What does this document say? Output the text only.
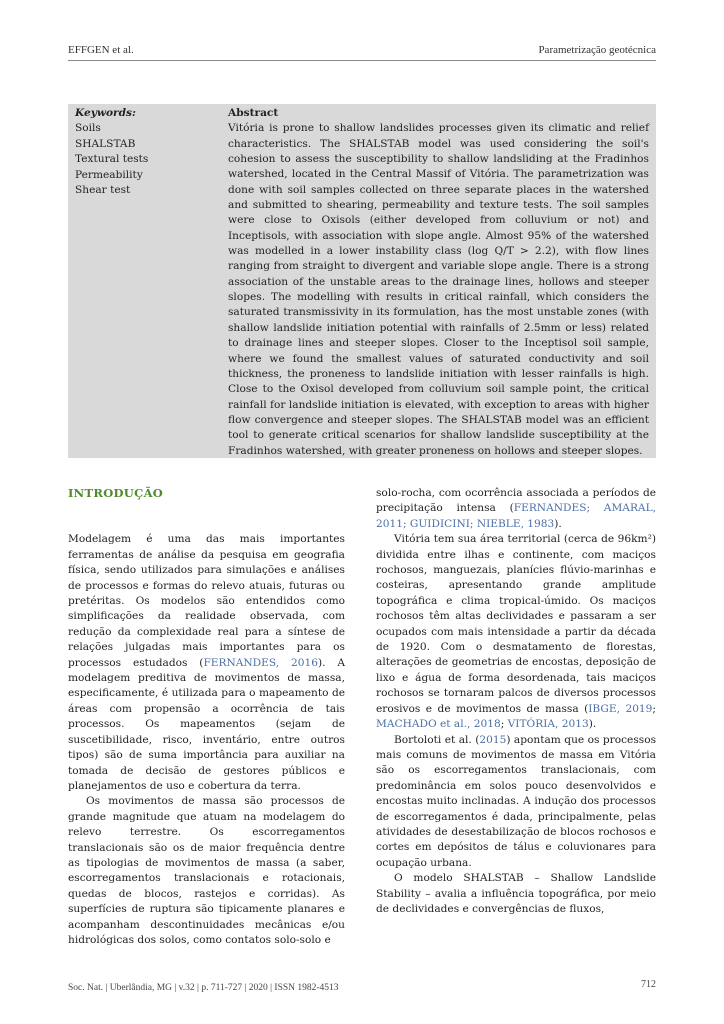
EFFGEN et al.	Parametrização geotécnica
Keywords:
Soils
SHALSTAB
Textural tests
Permeability
Shear test
Abstract

Vitória is prone to shallow landslides processes given its climatic and relief characteristics. The SHALSTAB model was used considering the soil's cohesion to assess the susceptibility to shallow landsliding at the Fradinhos watershed, located in the Central Massif of Vitória. The parametrization was done with soil samples collected on three separate places in the watershed and submitted to shearing, permeability and texture tests. The soil samples were close to Oxisols (either developed from colluvium or not) and Inceptisols, with association with slope angle. Almost 95% of the watershed was modelled in a lower instability class (log Q/T > 2.2), with flow lines ranging from straight to divergent and variable slope angle. There is a strong association of the unstable areas to the drainage lines, hollows and steeper slopes. The modelling with results in critical rainfall, which considers the saturated transmissivity in its formulation, has the most unstable zones (with shallow landslide initiation potential with rainfalls of 2.5mm or less) related to drainage lines and steeper slopes. Closer to the Inceptisol soil sample, where we found the smallest values of saturated conductivity and soil thickness, the proneness to landslide initiation with lesser rainfalls is high. Close to the Oxisol developed from colluvium soil sample point, the critical rainfall for landslide initiation is elevated, with exception to areas with higher flow convergence and steeper slopes. The SHALSTAB model was an efficient tool to generate critical scenarios for shallow landslide susceptibility at the Fradinhos watershed, with greater proneness on hollows and steeper slopes.

INTRODUÇÃO

Modelagem é uma das mais importantes ferramentas de análise da pesquisa em geografia física, sendo utilizados para simulações e análises de processos e formas do relevo atuais, futuras ou pretéritas. Os modelos são entendidos como simplificações da realidade observada, com redução da complexidade real para a síntese de relações julgadas mais importantes para os processos estudados (FERNANDES, 2016). A modelagem preditiva de movimentos de massa, especificamente, é utilizada para o mapeamento de áreas com propensão a ocorrência de tais processos. Os mapeamentos (sejam de suscetibilidade, risco, inventário, entre outros tipos) são de suma importância para auxiliar na tomada de decisão de gestores públicos e planejamentos de uso e cobertura da terra.

Os movimentos de massa são processos de grande magnitude que atuam na modelagem do relevo terrestre. Os escorregamentos translacionais são os de maior frequência dentre as tipologias de movimentos de massa (a saber, escorregamentos translacionais e rotacionais, quedas de blocos, rastejos e corridas). As superfícies de ruptura são tipicamente planares e acompanham descontinuidades mecânicas e/ou hidrológicas dos solos, como contatos solo-solo e

solo-rocha, com ocorrência associada a períodos de precipitação intensa (FERNANDES; AMARAL, 2011; GUIDICINI; NIEBLE, 1983).

Vitória tem sua área territorial (cerca de 96km²) dividida entre ilhas e continente, com maciços rochosos, manguezais, planícies flúvio-marinhas e costeiras, apresentando grande amplitude topográfica e clima tropical-úmido. Os maciços rochosos têm altas declividades e passaram a ser ocupados com mais intensidade a partir da década de 1920. Com o desmatamento de florestas, alterações de geometrias de encostas, deposição de lixo e água de forma desordenada, tais maciços rochosos se tornaram palcos de diversos processos erosivos e de movimentos de massa (IBGE, 2019; MACHADO et al., 2018; VITÓRIA, 2013).

Bortoloti et al. (2015) apontam que os processos mais comuns de movimentos de massa em Vitória são os escorregamentos translacionais, com predominância em solos pouco desenvolvidos e encostas muito inclinadas. A indução dos processos de escorregamentos é dada, principalmente, pelas atividades de desestabilização de blocos rochosos e cortes em depósitos de tálus e coluvionares para ocupação urbana.

O modelo SHALSTAB – Shallow Landslide Stability – avalia a influência topográfica, por meio de declividades e convergências de fluxos,

Soc. Nat. | Uberlândia, MG | v.32 | p. 711-727 | 2020 | ISSN 1982-4513	712
